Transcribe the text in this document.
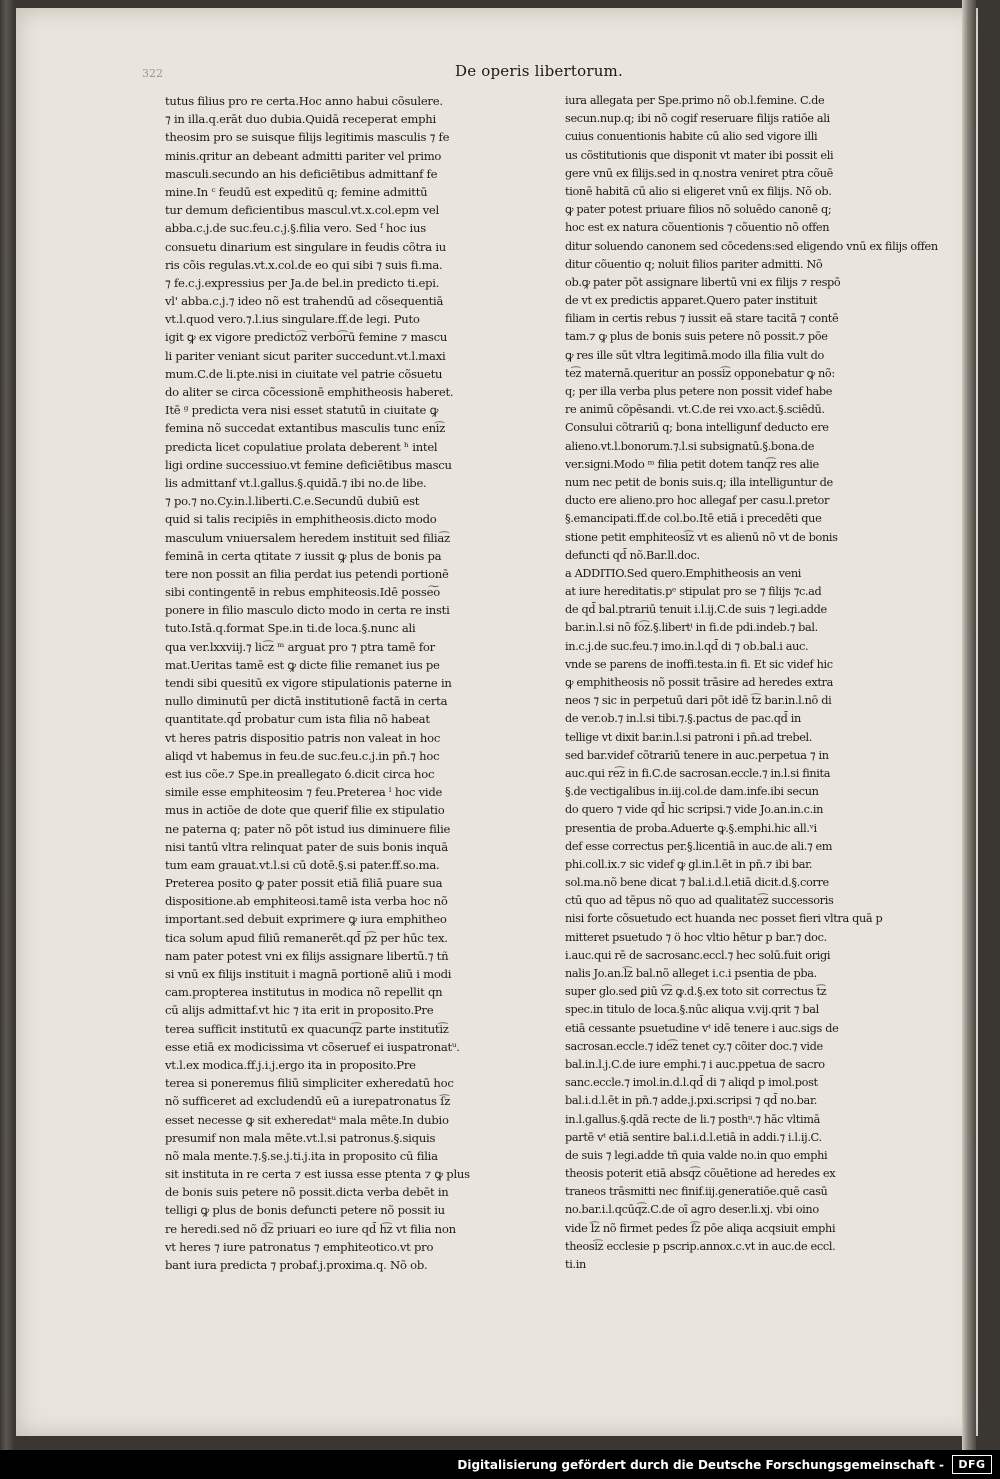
322	De operis libertorum.
tutus filius pro re certa.Hoc anno habui cõsulere.
⁊ in illa.q.erāt duo dubia.Quidā receperat emphi
theosim pro se suisque filijs legitimis masculis ⁊ fe
minis.qritur an debeant admitti pariter vel primo
masculi.secundo an his deficiētibus admittanf fe
mine.In ᶜ feudū est expeditū q; femine admittū
tur demum deficientibus mascul.vt.x.col.epm vel
abba.c.j.de suc.feu.c.j.§.filia vero. Sed ᶠ hoc ius
consuetu dinarium est singulare in feudis cõtra iu
ris cõis regulas.vt.x.col.de eo qui sibi ⁊ suis fi.ma.
⁊ fe.c.j.expressius per Ja.de bel.in predicto ti.epi.
vl' abba.c.j.⁊ ideo nõ est trahendū ad cõsequentiā
vt.l.quod vero.⁊.l.ius singulare.ff.de legi. Puto
igit ꝙ ex vigore predicto͡z verbo͡rū femine ⁊ mascu
li pariter veniant sicut pariter succedunt.vt.l.maxi
mum.C.de li.pte.nisi in ciuitate vel patrie cõsuetu
do aliter se circa cõcessionē emphitheosis haberet.
Itē ᵍ predicta vera nisi esset statutū in ciuitate ꝙ
femina nõ succedat extantibus masculis tunc eni͡z
predicta licet copulatiue prolata deberent ʰ intel
ligi ordine successiuo.vt femine deficiētibus mascu
lis admittanf vt.l.gallus.§.quidā.⁊ ibi no.de libe.
⁊ po.⁊ no.Cy.in.l.liberti.C.e.Secundū dubiū est
quid si talis recipiēs in emphitheosis.dicto modo
masculum vniuersalem heredem instituit sed filia͡z
feminā in certa qtitate ⁊ iussit ꝙ plus de bonis pa
tere non possit an filia perdat ius petendi portionē
sibi contingentē in rebus emphiteosis.Idē posse͠o
ponere in filio masculo dicto modo in certa re insti
tuto.Istā.q.format Spe.in ti.de loca.§.nunc ali
qua ver.lxxviij.⁊ lic͡z ᵐ arguat pro ⁊ ptra tamē for
mat.Ueritas tamē est ꝙ dicte filie remanet ius pe
tendi sibi quesitū ex vigore stipulationis paterne in
nullo diminutū per dictā institutionē factā in certa
quantitate.qd̄ probatur cum ista filia nõ habeat
vt heres patris dispositio patris non valeat in hoc
aliqd vt habemus in feu.de suc.feu.c.j.in pn̄.⁊ hoc
est ius cõe.⁊ Spe.in preallegato ỽ.dicit circa hoc
simile esse emphiteosim ⁊ feu.Preterea ˡ hoc vide
mus in actiōe de dote que querif filie ex stipulatio
ne paterna q; pater nõ pōt istud ius diminuere filie
nisi tantū vltra relinquat pater de suis bonis inquā
tum eam grauat.vt.l.si cū dotē.§.si pater.ff.so.ma.
Preterea posito ꝙ pater possit etiā filiā puare sua
dispositione.ab emphiteosi.tamē ista verba hoc nõ
important.sed debuit exprimere ꝙ iura emphitheo
tica solum apud filiū remanerēt.qd̄ p͡z per hūc tex.
nam pater potest vni ex filijs assignare libertū.⁊ tñ
si vnū ex filijs instituit i magnā portionē aliū i modi
cam.propterea institutus in modica nõ repellit qn
cū alijs admittaf.vt hic ⁊ ita erit in proposito.Pre
terea sufficit institutū ex quacunq͡z parte instituti͡z
esse etiā ex modicissima vt cõseruef ei iuspatronatᵘ.
vt.l.ex modica.ff.j.i.j.ergo ita in proposito.Pre
terea si poneremus filiū simpliciter exheredatū hoc
nõ sufficeret ad excludendū eū a iurepatronatus ſ͡z
esset necesse ꝙ sit exheredatᵘ mala mēte.In dubio
presumif non mala mēte.vt.l.si patronus.§.siquis
nõ mala mente.⁊.§.se.j.ti.j.ita in proposito cū filia
sit instituta in re certa ⁊ est iussa esse ptenta ⁊ ꝙ plus
de bonis suis petere nõ possit.dicta verba debēt in
telligi ꝙ plus de bonis defuncti petere nõ possit iu
re heredi.sed nõ d͡z priuari eo iure qd̄ h͡z vt filia non
vt heres ⁊ iure patronatus ⁊ emphiteotico.vt pro
bant iura predicta ⁊ probaf.j.proxima.q. Nõ ob.
iura allegata per Spe.primo nõ ob.l.femine. C.de
secun.nup.q; ibi nõ cogif reseruare filijs ratiōe ali
cuius conuentionis habite cū alio sed vigore illi
us cõstitutionis que disponit vt mater ibi possit eli
gere vnū ex filijs.sed in q.nostra veniret ptra cõuē
tionē habitā cū alio si eligeret vnū ex filijs. Nõ ob.
ꝙ pater potest priuare filios nõ soluēdo canonē q;
hoc est ex natura cõuentionis ⁊ cõuentio nõ offen
ditur soluendo canonem sed cōcedens:sed eligendo vnū ex filijs offen
ditur cõuentio q; noluit filios pariter admitti. Nõ
ob.ꝙ pater pōt assignare libertū vni ex filijs ⁊ respō
de vt ex predictis apparet.Quero pater instituit
filiam in certis rebus ⁊ iussit eā stare tacitā ⁊ contē
tam.⁊ ꝙ plus de bonis suis petere nõ possit.⁊ pōe
ꝙ res ille sūt vltra legitimā.modo illa filia vult do
te͡z maternā.queritur an possi͡z opponebatur ꝙ nõ:
q; per illa verba plus petere non possit videf habe
re animū cõpēsandi. vt.C.de rei vxo.act.§.sciēdū.
Consului cõtrariū q; bona intelligunf deducto ere
alieno.vt.l.bonorum.⁊.l.si subsignatū.§.bona.de
ver.signi.Modo ᵐ filia petit dotem tanq͡z res alie
num nec petit de bonis suis.q; illa intelliguntur de
ducto ere alieno.pro hoc allegaf per casu.l.pretor
§.emancipati.ff.de col.bo.Itē etiā i precedēti que
stione petit emphiteosi͡z vt es alienū nõ vt de bonis
defuncti qd̄ nõ.Bar.ll.doc.
a ADDITIO.Sed quero.Emphitheosis an veni
at iure hereditatis.pᵉ stipulat pro se ⁊ filijs ⁊c.ad
de qd̄ bal.ptrariū tenuit i.l.ij.C.de suis ⁊ legi.adde
bar.in.l.si nõ fo͡z.§.libertⁱ in fi.de pdi.indeb.⁊ bal.
in.c.j.de suc.feu.⁊ imo.in.l.qd̄ di ⁊ ob.bal.i auc.
vnde se parens de inoffi.testa.in fi. Et sic videf hic
ꝙ emphitheosis nõ possit trāsire ad heredes extra
neos ⁊ sic in perpetuū dari pōt idē t͡z bar.in.l.nō di
de ver.ob.⁊ in.l.si tibi.⁊.§.pactus de pac.qd̄ in
tellige vt dixit bar.in.l.si patroni i pn̄.ad trebel.
sed bar.videf cõtrariū tenere in auc.perpetua ⁊ in
auc.qui re͡z in fi.C.de sacrosan.eccle.⁊ in.l.si finita
§.de vectigalibus in.iij.col.de dam.infe.ibi secun
do quero ⁊ vide qd̄ hic scripsi.⁊ vide Jo.an.in.c.in
presentia de proba.Aduerte ꝙ.§.emphi.hic all.ᵛi
def esse correctus per.§.licentiā in auc.de ali.⁊ em
phi.coll.ix.⁊ sic videf ꝙ gl.in.l.ēt in pn̄.⁊ ibi bar.
sol.ma.nõ bene dicat ⁊ bal.i.d.l.etiā dicit.d.§.corre
ctū quo ad tēpus nõ quo ad qualitate͡z successoris
nisi forte cõsuetudo ect huanda nec posset fieri vltra quā p
mitteret psuetudo ⁊ ö hoc vltio hētur p bar.⁊ doc.
i.auc.qui rē de sacrosanc.eccl.⁊ hec solū.fuit origi
nalis Jo.an.l͡z bal.nõ alleget i.c.i psentia de pba.
super glo.sed ꝑiū v͡z ꝙ.d.§.ex toto sit correctus t͡z
spec.in titulo de loca.§.nūc aliqua v.vij.qrit ⁊ bal
etiā cessante psuetudine vᵗ idē tenere i auc.sigs de
sacrosan.eccle.⁊ ide͡z tenet cy.⁊ cõiter doc.⁊ vide
bal.in.l.j.C.de iure emphi.⁊ i auc.ppetua de sacro
sanc.eccle.⁊ imol.in.d.l.qd̄ di ⁊ aliqd p imol.post
bal.i.d.l.ēt in pn̄.⁊ adde.j.pxi.scripsi ⁊ qd̄ no.bar.
in.l.gallus.§.qdā recte de li.⁊ posthᵘ.⁊ hāc vltimā
partē vᵗ etiā sentire bal.i.d.l.etiā in addi.⁊ i.l.ij.C.
de suis ⁊ legi.adde tñ quia valde no.in quo emphi
theosis poterit etiā absq͡z cõuētione ad heredes ex
traneos trāsmitti nec finif.iij.generatiōe.quē casū
no.bar.i.l.qcūq͡z.C.de oī agro deser.li.xj. vbi oino
vide l͡z nõ firmet pedes ſ͡z pōe aliqa acqsiuit emphi
theosi͡z ecclesie p pscrip.annox.c.vt in auc.de eccl.
ti.in
Digitalisierung gefördert durch die Deutsche Forschungsgemeinschaft -	DFG
